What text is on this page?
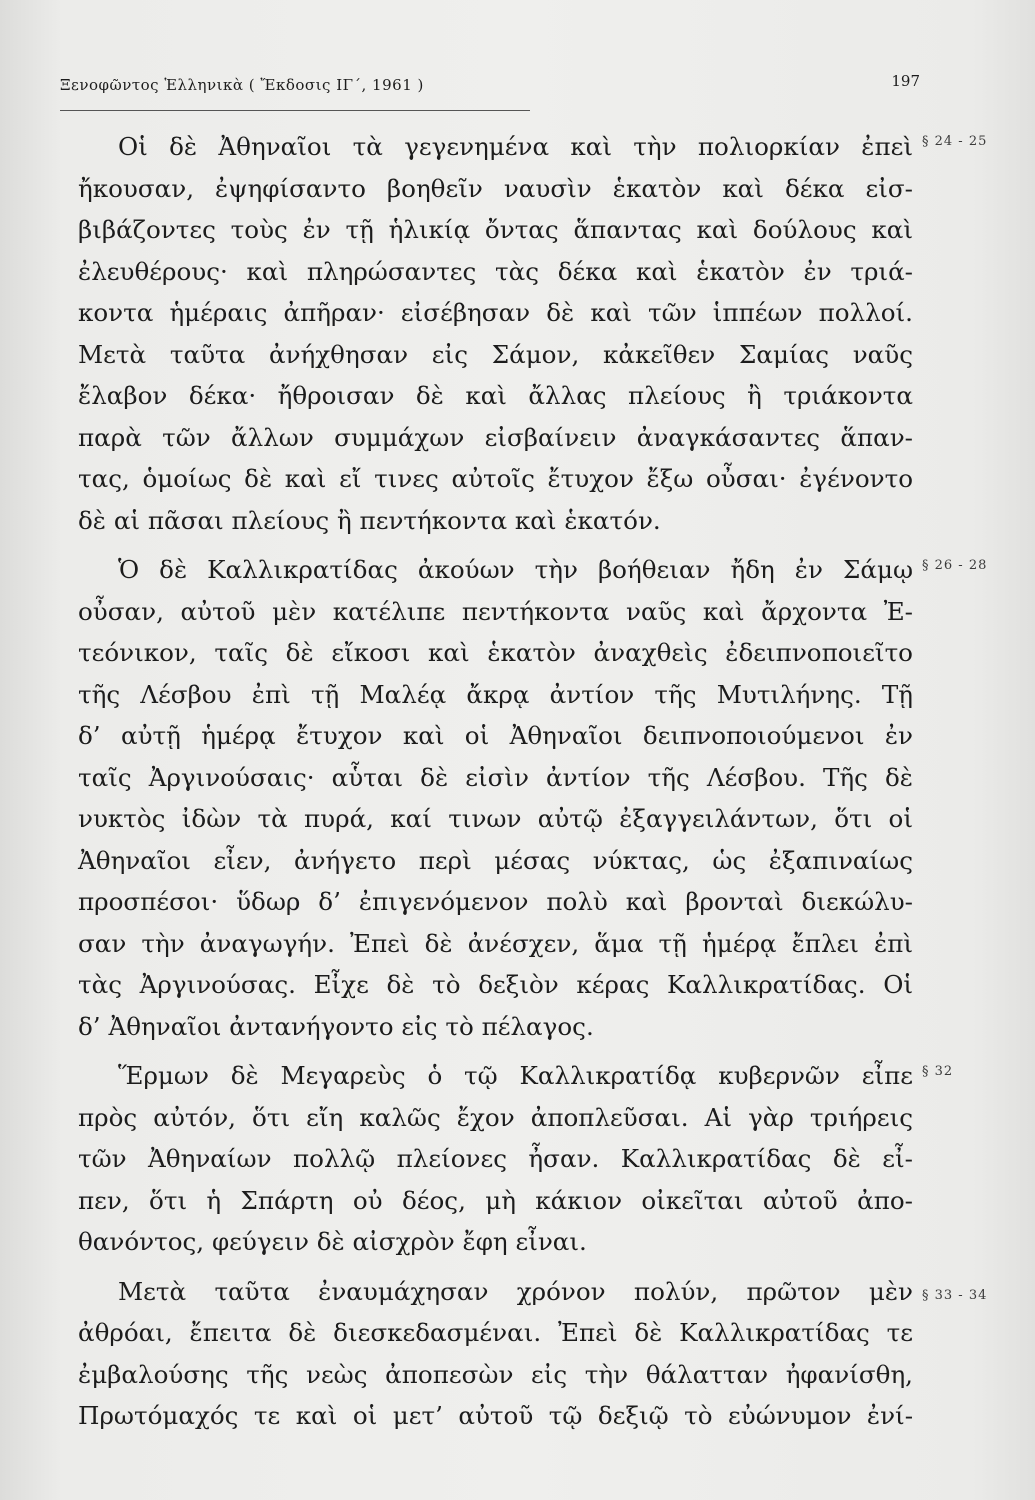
Ξενοφῶντος Ἑλληνικὰ ( Ἔκδοσις ΙΓ΄, 1961 )	197
Οἱ δὲ Ἀθηναῖοι τὰ γεγενημένα καὶ τὴν πολιορκίαν ἐπεὶ
ἤκουσαν, ἐψηφίσαντο βοηθεῖν ναυσὶν ἑκατὸν καὶ δέκα εἰσ-
βιβάζοντες τοὺς ἐν τῇ ἡλικίᾳ ὄντας ἅπαντας καὶ δούλους καὶ
ἐλευθέρους· καὶ πληρώσαντες τὰς δέκα καὶ ἑκατὸν ἐν τριά-
κοντα ἡμέραις ἀπῆραν· εἰσέβησαν δὲ καὶ τῶν ἱππέων πολλοί.
Μετὰ ταῦτα ἀνήχθησαν εἰς Σάμον, κἀκεῖθεν Σαμίας ναῦς
ἔλαβον δέκα· ἤθροισαν δὲ καὶ ἄλλας πλείους ἢ τριάκοντα
παρὰ τῶν ἄλλων συμμάχων εἰσβαίνειν ἀναγκάσαντες ἅπαν-
τας, ὁμοίως δὲ καὶ εἴ τινες αὐτοῖς ἔτυχον ἔξω οὖσαι· ἐγένοντο
δὲ αἱ πᾶσαι πλείους ἢ πεντήκοντα καὶ ἑκατόν.
Ὁ δὲ Καλλικρατίδας ἀκούων τὴν βοήθειαν ἤδη ἐν Σάμῳ
οὖσαν, αὐτοῦ μὲν κατέλιπε πεντήκοντα ναῦς καὶ ἄρχοντα Ἐ-
τεόνικον, ταῖς δὲ εἴκοσι καὶ ἑκατὸν ἀναχθεὶς ἐδειπνοποιεῖτο
τῆς Λέσβου ἐπὶ τῇ Μαλέᾳ ἄκρᾳ ἀντίον τῆς Μυτιλήνης. Τῇ
δ’ αὐτῇ ἡμέρᾳ ἔτυχον καὶ οἱ Ἀθηναῖοι δειπνοποιούμενοι ἐν
ταῖς Ἀργινούσαις· αὗται δὲ εἰσὶν ἀντίον τῆς Λέσβου. Τῆς δὲ
νυκτὸς ἰδὼν τὰ πυρά, καί τινων αὐτῷ ἐξαγγειλάντων, ὅτι οἱ
Ἀθηναῖοι εἶεν, ἀνήγετο περὶ μέσας νύκτας, ὡς ἐξαπιναίως
προσπέσοι· ὕδωρ δ’ ἐπιγενόμενον πολὺ καὶ βρονταὶ διεκώλυ-
σαν τὴν ἀναγωγήν. Ἐπεὶ δὲ ἀνέσχεν, ἅμα τῇ ἡμέρᾳ ἔπλει ἐπὶ
τὰς Ἀργινούσας. Εἶχε δὲ τὸ δεξιὸν κέρας Καλλικρατίδας. Οἱ
δ’ Ἀθηναῖοι ἀντανήγοντο εἰς τὸ πέλαγος.
Ἕρμων δὲ Μεγαρεὺς ὁ τῷ Καλλικρατίδᾳ κυβερνῶν εἶπε
πρὸς αὐτόν, ὅτι εἴη καλῶς ἔχον ἀποπλεῦσαι. Αἱ γὰρ τριήρεις
τῶν Ἀθηναίων πολλῷ πλείονες ἦσαν. Καλλικρατίδας δὲ εἶ-
πεν, ὅτι ἡ Σπάρτη οὐ δέος, μὴ κάκιον οἰκεῖται αὐτοῦ ἀπο-
θανόντος, φεύγειν δὲ αἰσχρὸν ἔφη εἶναι.
Μετὰ ταῦτα ἐναυμάχησαν χρόνον πολύν, πρῶτον μὲν
ἀθρόαι, ἔπειτα δὲ διεσκεδασμέναι. Ἐπεὶ δὲ Καλλικρατίδας τε
ἐμβαλούσης τῆς νεὼς ἀποπεσὼν εἰς τὴν θάλατταν ἠφανίσθη,
Πρωτόμαχός τε καὶ οἱ μετ’ αὐτοῦ τῷ δεξιῷ τὸ εὐώνυμον ἐνί-
§ 24 - 25
§ 26 - 28
§ 32
§ 33 - 34
